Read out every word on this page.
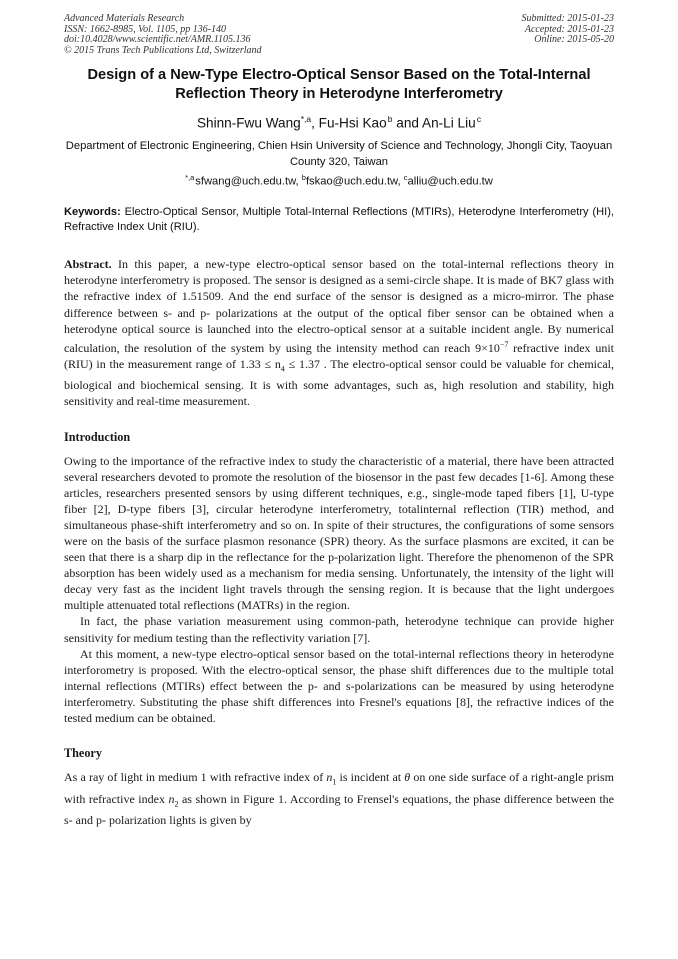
Advanced Materials Research
ISSN: 1662-8985, Vol. 1105, pp 136-140
doi:10.4028/www.scientific.net/AMR.1105.136
© 2015 Trans Tech Publications Ltd, Switzerland
Submitted: 2015-01-23
Accepted: 2015-01-23
Online: 2015-05-20
Design of a New-Type Electro-Optical Sensor Based on the Total-Internal
Reflection Theory in Heterodyne Interferometry
Shinn-Fwu Wang$^{*,a}$, Fu-Hsi Kao $^b$ and An-Li Liu $^c$
Department of Electronic Engineering, Chien Hsin University of Science and Technology, Jhongli City, Taoyuan County 320, Taiwan
$^{*,a}$ sfwang@uch.edu.tw, $^b$fskao@uch.edu.tw, $^c$alliu@uch.edu.tw
Keywords: Electro-Optical Sensor, Multiple Total-Internal Reflections (MTIRs), Heterodyne Interferometry (HI), Refractive Index Unit (RIU).

Abstract. In this paper, a new-type electro-optical sensor based on the total-internal reflections theory in heterodyne interferometry is proposed. The sensor is designed as a semi-circle shape. It is made of BK7 glass with the refractive index of 1.51509. And the end surface of the sensor is designed as a micro-mirror. The phase difference between s- and p- polarizations at the output of the optical fiber sensor can be obtained when a heterodyne optical source is launched into the electro-optical sensor at a suitable incident angle. By numerical calculation, the resolution of the system by using the intensity method can reach $9\times 10^{-7}$ refractive index unit (RIU) in the measurement range of $1.33 \le n_4 \le 1.37$ . The electro-optical sensor could be valuable for chemical, biological and biochemical sensing. It is with some advantages, such as, high resolution and stability, high sensitivity and real-time measurement.

Introduction

Owing to the importance of the refractive index to study the characteristic of a material, there have been attracted several researchers devoted to promote the resolution of the biosensor in the past few decades [1-6]. Among these articles, researchers presented sensors by using different techniques, e.g., single-mode taped fibers [1], U-type fiber [2], D-type fibers [3], circular heterodyne interferometry, totalinternal reflection (TIR) method, and simultaneous phase-shift interferometry and so on. In spite of their structures, the configurations of some sensors were on the basis of the surface plasmon resonance (SPR) theory. As the surface plasmons are excited, it can be seen that there is a sharp dip in the reflectance for the p-polarization light. Therefore the phenomenon of the SPR absorption has been widely used as a mechanism for media sensing. Unfortunately, the intensity of the light will decay very fast as the incident light travels through the sensing region. It is because that the light undergoes multiple attenuated total reflections (MATRs) in the region.

In fact, the phase variation measurement using common-path, heterodyne technique can provide higher sensitivity for medium testing than the reflectivity variation [7].

At this moment, a new-type electro-optical sensor based on the total-internal reflections theory in heterodyne interforometry is proposed. With the electro-optical sensor, the phase shift differences due to the multiple total internal reflections (MTIRs) effect between the p- and s-polarizations can be measured by using heterodyne interferometry. Substituting the phase shift differences into Fresnel's equations [8], the refractive indices of the tested medium can be obtained.

Theory

As a ray of light in medium 1 with refractive index of $n_1$ is incident at θ on one side surface of a right-angle prism with refractive index $n_2$ as shown in Figure 1. According to Frensel's equations, the phase difference between the s- and p- polarization lights is given by
